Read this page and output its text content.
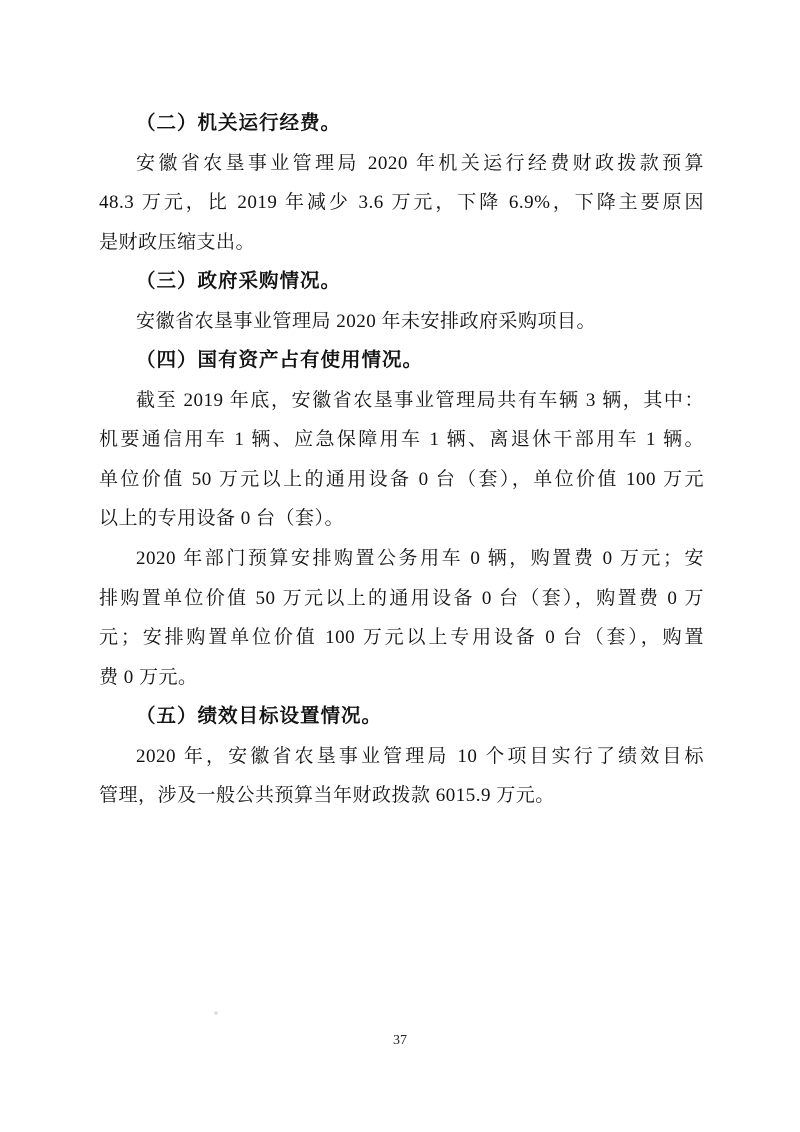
（二）机关运行经费。
安徽省农垦事业管理局 2020 年机关运行经费财政拨款预算
48.3 万元，比 2019 年减少 3.6 万元，下降 6.9%，下降主要原因
是财政压缩支出。
（三）政府采购情况。
安徽省农垦事业管理局 2020 年未安排政府采购项目。
（四）国有资产占有使用情况。
截至 2019 年底，安徽省农垦事业管理局共有车辆 3 辆，其中：
机要通信用车 1 辆、应急保障用车 1 辆、离退休干部用车 1 辆。
单位价值 50 万元以上的通用设备 0 台（套），单位价值 100 万元
以上的专用设备 0 台（套）。
2020 年部门预算安排购置公务用车 0 辆，购置费 0 万元；安
排购置单位价值 50 万元以上的通用设备 0 台（套），购置费 0 万
元；安排购置单位价值 100 万元以上专用设备 0 台（套），购置
费 0 万元。
（五）绩效目标设置情况。
2020 年，安徽省农垦事业管理局 10 个项目实行了绩效目标
管理，涉及一般公共预算当年财政拨款 6015.9 万元。
37
